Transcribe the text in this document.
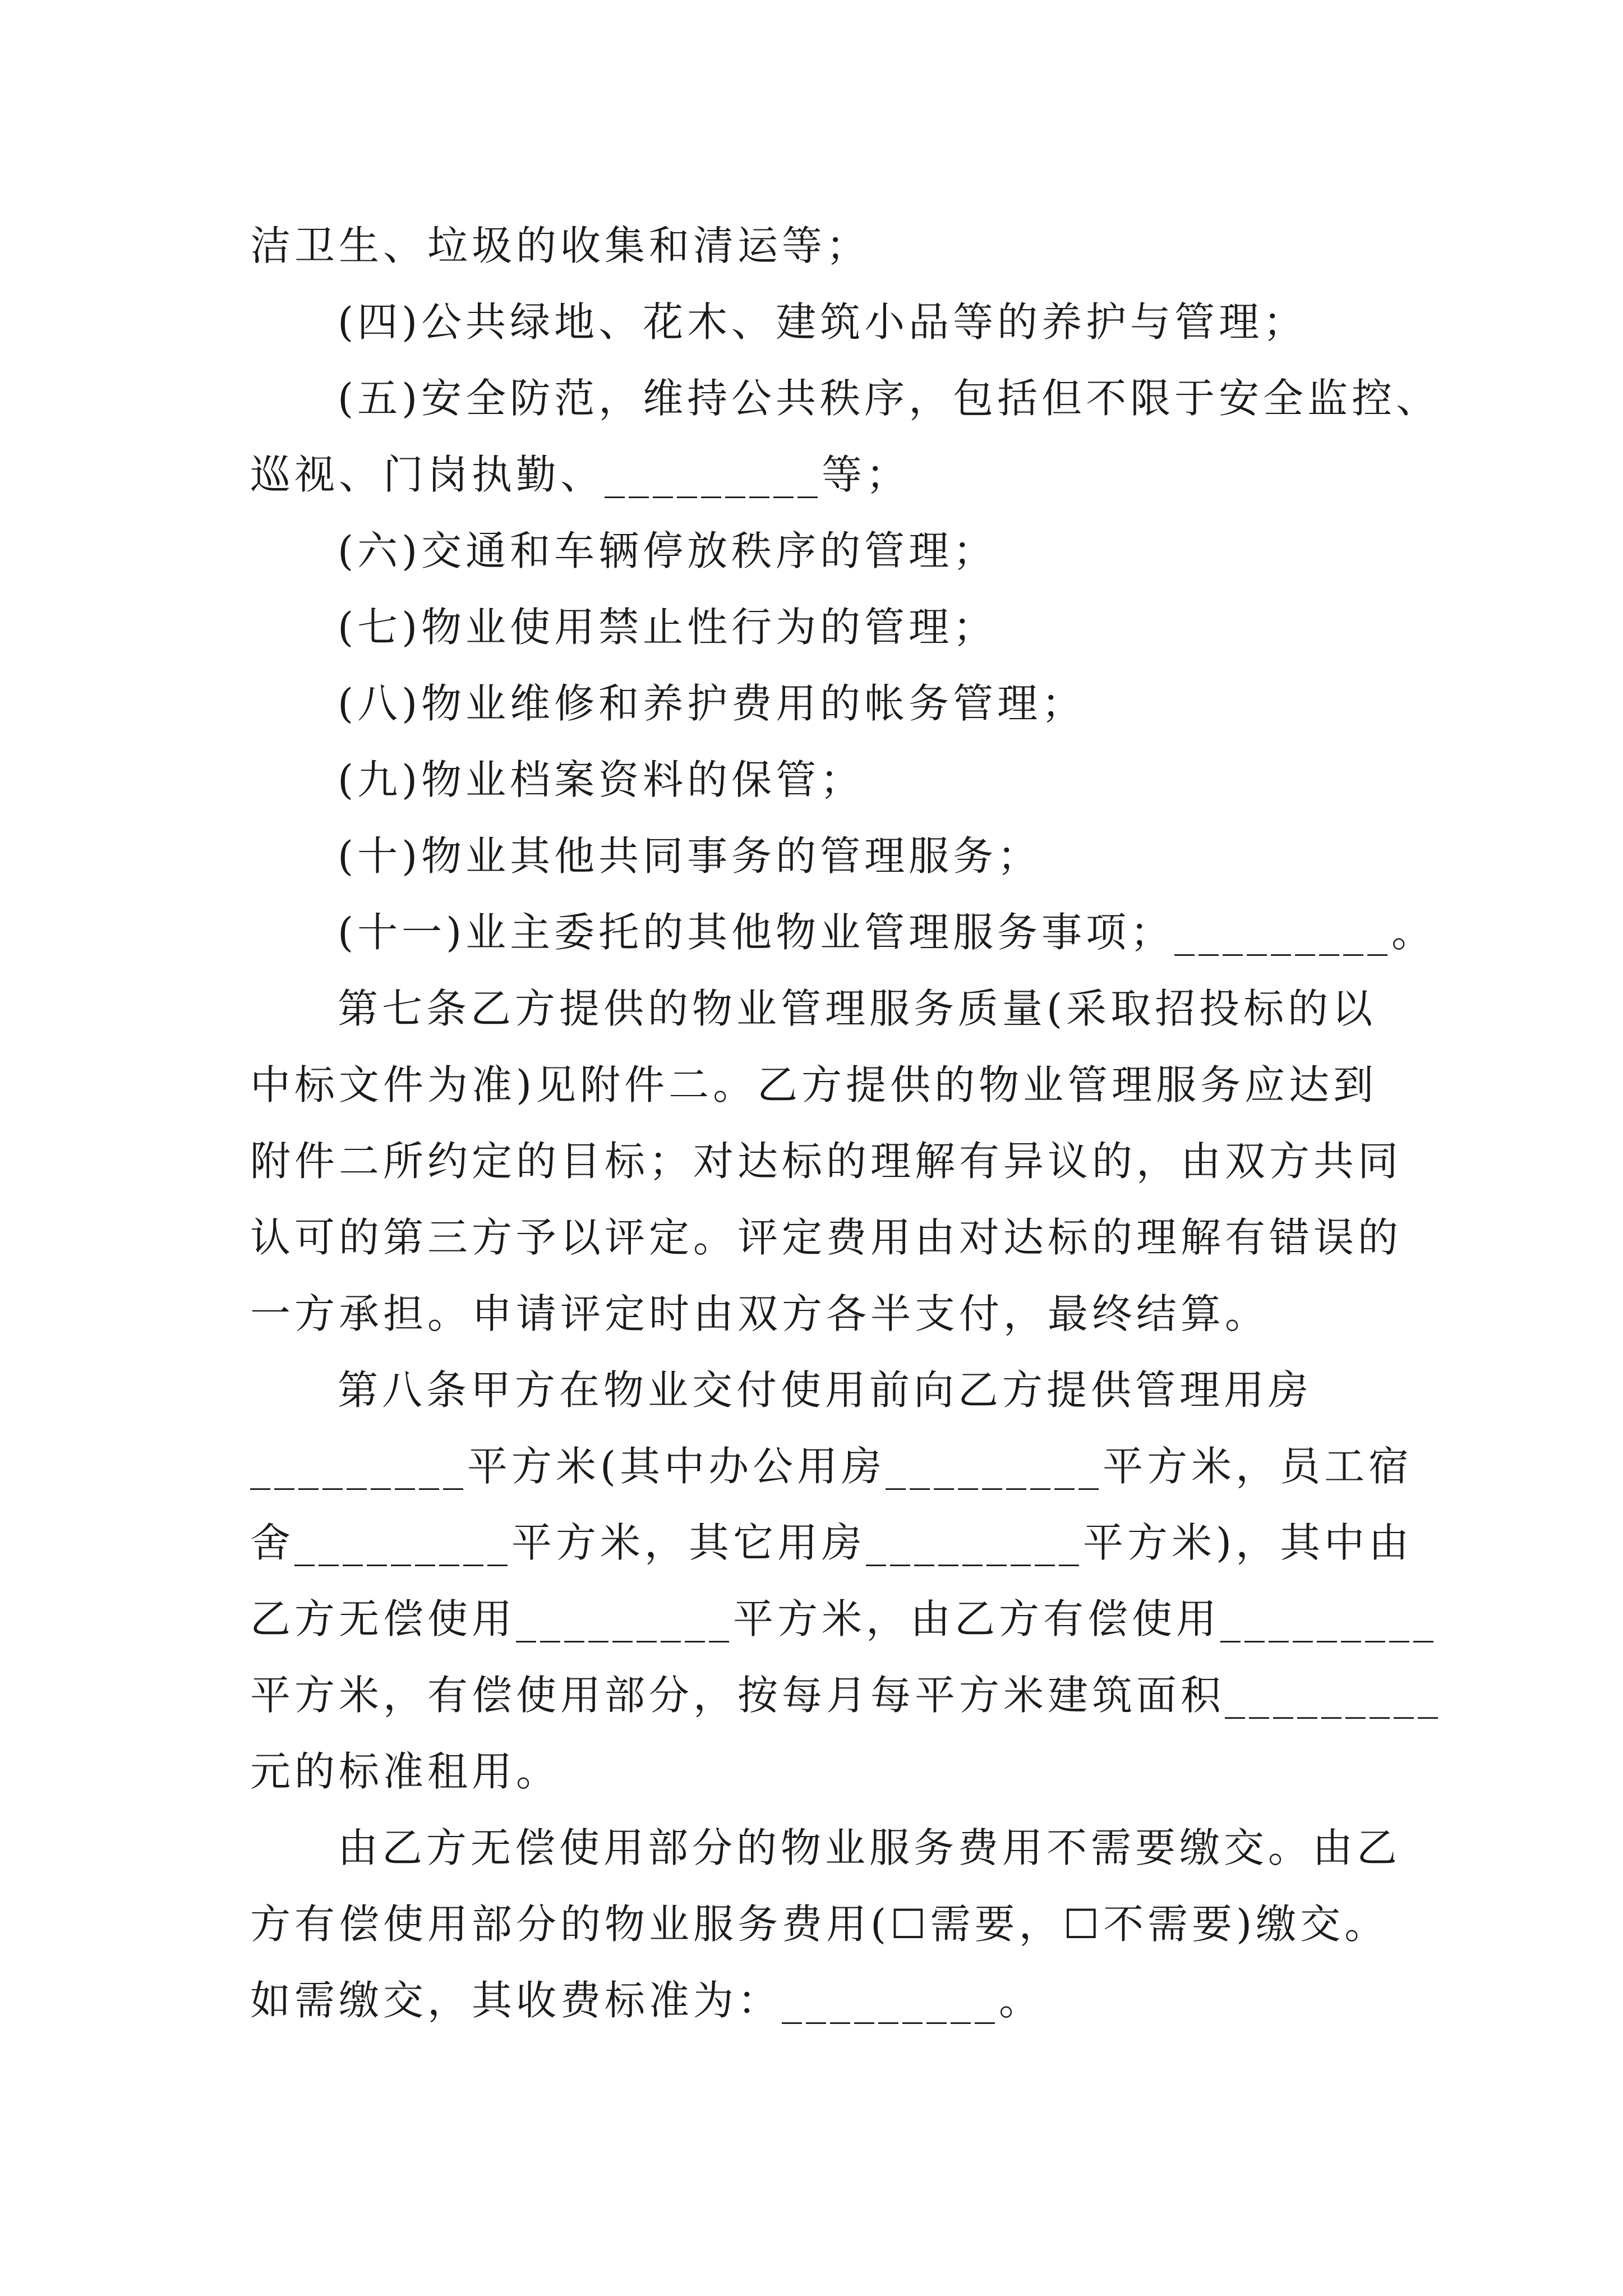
洁卫生、垃圾的收集和清运等；

(四)公共绿地、花木、建筑小品等的养护与管理；

(五)安全防范，维持公共秩序，包括但不限于安全监控、

巡视、门岗执勤、_________等；

(六)交通和车辆停放秩序的管理；

(七)物业使用禁止性行为的管理；

(八)物业维修和养护费用的帐务管理；

(九)物业档案资料的保管；

(十)物业其他共同事务的管理服务；

(十一)业主委托的其他物业管理服务事项；_________。

第七条乙方提供的物业管理服务质量(采取招投标的以

中标文件为准)见附件二。乙方提供的物业管理服务应达到

附件二所约定的目标；对达标的理解有异议的，由双方共同

认可的第三方予以评定。评定费用由对达标的理解有错误的

一方承担。申请评定时由双方各半支付，最终结算。

第八条甲方在物业交付使用前向乙方提供管理用房

_________平方米(其中办公用房_________平方米，员工宿

舍_________平方米，其它用房_________平方米)，其中由

乙方无偿使用_________平方米，由乙方有偿使用_________

平方米，有偿使用部分，按每月每平方米建筑面积_________

元的标准租用。

由乙方无偿使用部分的物业服务费用不需要缴交。由乙

方有偿使用部分的物业服务费用(☐需要，☐不需要)缴交。

如需缴交，其收费标准为：_________。
